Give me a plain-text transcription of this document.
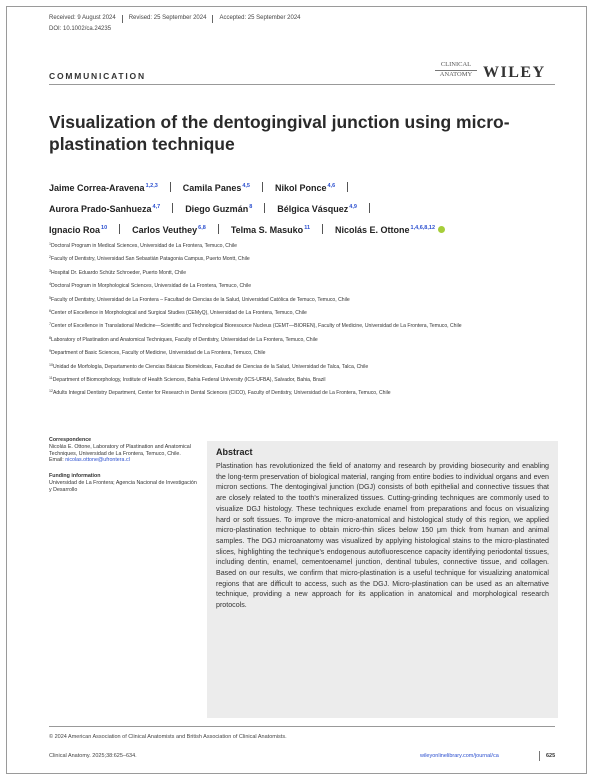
Received: 9 August 2024 Revised: 25 September 2024 Accepted: 25 September 2024
DOI: 10.1002/ca.24235
COMMUNICATION
CLINICAL
ANATOMY WILEY
Visualization of the dentogingival junction using micro-plastination technique
Jaime Correa-Aravena$^{1,2,3}$	Camila Panes$^{4,5}$	Nikol Ponce$^{4,6}$
Aurora Prado-Sanhueza$^{4,7}$	Diego Guzmán$^8$	Bélgica Vásquez$^{4,9}$
Ignacio Roa$^{10}$	Carlos Veuthey$^{6,8}$	Telma S. Masuko$^{11}$	Nicolás E. Ottone$^{1,4,6,8,12}$

$^1$Doctoral Program in Medical Sciences, Universidad de La Frontera, Temuco, Chile

$^2$Faculty of Dentistry, Universidad San Sebastián Patagonia Campus, Puerto Montt, Chile

$^3$Hospital Dr. Eduardo Schütz Schroeder, Puerto Montt, Chile

$^4$Doctoral Program in Morphological Sciences, Universidad de La Frontera, Temuco, Chile

$^5$Faculty of Dentistry, Universidad de La Frontera – Facultad de Ciencias de la Salud, Universidad Católica de Temuco, Temuco, Chile

$^6$Center of Excellence in Morphological and Surgical Studies (CEMyQ), Universidad de La Frontera, Temuco, Chile

$^7$Center of Excellence in Translational Medicine—Scientific and Technological Bioresource Nucleus (CEMT—BIOREN), Faculty of Medicine, Universidad de La Frontera, Temuco, Chile

$^8$Laboratory of Plastination and Anatomical Techniques, Faculty of Dentistry, Universidad de La Frontera, Temuco, Chile

$^9$Department of Basic Sciences, Faculty of Medicine, Universidad de La Frontera, Temuco, Chile

$^{10}$Unidad de Morfología, Departamento de Ciencias Básicas Biomédicas, Facultad de Ciencias de la Salud, Universidad de Talca, Talca, Chile

$^{11}$Department of Biomorphology, Institute of Health Sciences, Bahia Federal University (ICS-UFBA), Salvador, Bahia, Brazil

$^{12}$Adults Integral Dentistry Department, Center for Research in Dental Sciences (CICO), Faculty of Dentistry, Universidad de La Frontera, Temuco, Chile

Correspondence
Nicolás E. Ottone, Laboratory of Plastination and Anatomical Techniques, Universidad de La Frontera, Temuco, Chile.
Email: nicolas.ottone@ufrontera.cl
Funding information
Universidad de La Frontera; Agencia Nacional de Investigación y Desarrollo
Abstract
Plastination has revolutionized the field of anatomy and research by providing biosecurity and enabling the long-term preservation of biological material, ranging from entire bodies to individual organs and even micron sections. The dentogingival junction (DGJ) consists of both epithelial and connective tissues that are closely related to the tooth's mineralized tissues. Cutting-grinding techniques are commonly used to visualize DGJ histology. These techniques exclude enamel from preparations and focus on visualizing hard or soft tissues. To improve the micro-anatomical and histological study of this region, we applied micro-plastination technique to obtain micro-thin slices below 150 μm thick from human and animal samples. The DGJ microanatomy was visualized by applying histological stains to the micro-plastinated slices, highlighting the technique's endogenous autofluorescence capacity identifying periodontal tissues, including dentin, enamel, cementoenamel junction, dentinal tubules, connective tissue, and collagen. Based on our results, we confirm that micro-plastination is a useful technique for visualizing anatomical regions that are difficult to access, such as the DGJ. Micro-plastination can be used as an alternative technique, providing a new approach for its application in anatomical and morphological research protocols.
© 2024 American Association of Clinical Anatomists and British Association of Clinical Anatomists.
Clinical Anatomy. 2025;38:625–634.	wileyonlinelibrary.com/journal/ca	625
